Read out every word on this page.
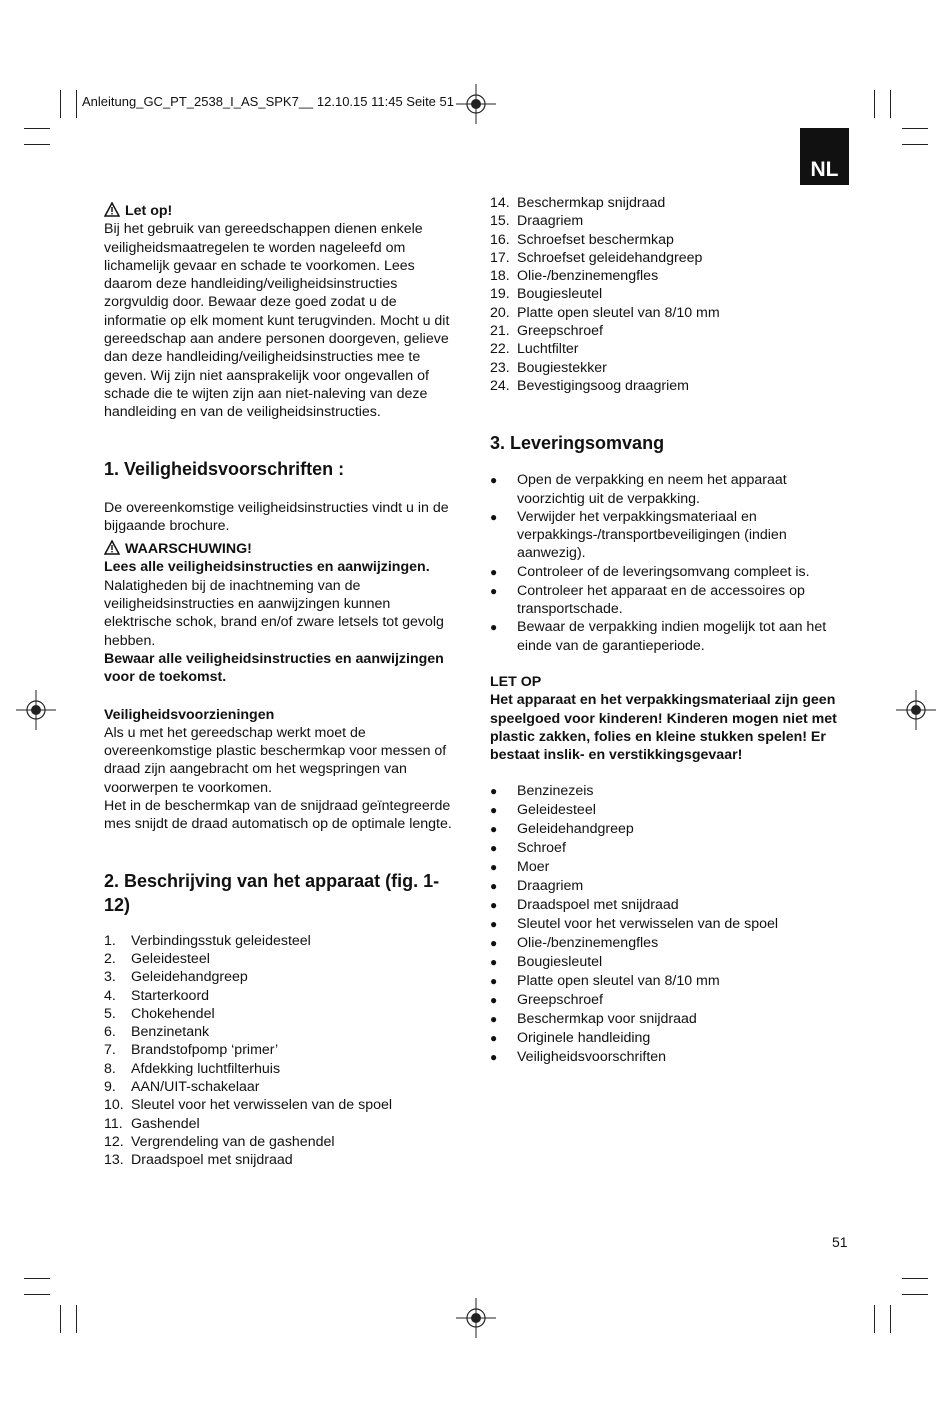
Anleitung_GC_PT_2538_I_AS_SPK7__ 12.10.15 11:45 Seite 51
NL

Let op!

Bij het gebruik van gereedschappen dienen enkele veiligheidsmaatregelen te worden nageleefd om lichamelijk gevaar en schade te voorkomen. Lees daarom deze handleiding/veiligheidsinstructies zorgvuldig door. Bewaar deze goed zodat u de informatie op elk moment kunt terugvinden. Mocht u dit gereedschap aan andere personen doorgeven, gelieve dan deze handleiding/veiligheidsinstructies mee te geven. Wij zijn niet aansprakelijk voor ongevallen of schade die te wijten zijn aan niet-naleving van deze handleiding en van de veiligheidsinstructies.

1. Veiligheidsvoorschriften :

De overeenkomstige veiligheidsinstructies vindt u in de bijgaande brochure.

WAARSCHUWING!

Lees alle veiligheidsinstructies en aanwijzingen.

Nalatigheden bij de inachtneming van de veiligheidsinstructies en aanwijzingen kunnen elektrische schok, brand en/of zware letsels tot gevolg hebben.

Bewaar alle veiligheidsinstructies en aanwijzingen voor de toekomst.

Veiligheidsvoorzieningen

Als u met het gereedschap werkt moet de overeenkomstige plastic beschermkap voor messen of draad zijn aangebracht om het wegspringen van voorwerpen te voorkomen.

Het in de beschermkap van de snijdraad geïntegreerde mes snijdt de draad automatisch op de optimale lengte.

2. Beschrijving van het apparaat (fig. 1-12)

1.	Verbindingsstuk geleidesteel
2.	Geleidesteel
3.	Geleidehandgreep
4.	Starterkoord
5.	Chokehendel
6.	Benzinetank
7.	Brandstofpomp ‘primer’
8.	Afdekking luchtfilterhuis
9.	AAN/UIT-schakelaar
10. Sleutel voor het verwisselen van de spoel
11. Gashendel
12. Vergrendeling van de gashendel
13. Draadspoel met snijdraad
14. Beschermkap snijdraad
15. Draagriem
16. Schroefset beschermkap
17. Schroefset geleidehandgreep
18. Olie-/benzinemengfles
19. Bougiesleutel
20. Platte open sleutel van 8/10 mm
21. Greepschroef
22. Luchtfilter
23. Bougiestekker
24. Bevestigingsoog draagriem

3. Leveringsomvang

●	Open de verpakking en neem het apparaat voorzichtig uit de verpakking.
●	Verwijder het verpakkingsmateriaal en verpakkings-/transportbeveiligingen (indien aanwezig).
●	Controleer of de leveringsomvang compleet is.
●	Controleer het apparaat en de accessoires op transportschade.
●	Bewaar de verpakking indien mogelijk tot aan het einde van de garantieperiode.

LET OP

Het apparaat en het verpakkingsmateriaal zijn geen speelgoed voor kinderen! Kinderen mogen niet met plastic zakken, folies en kleine stukken spelen! Er bestaat inslik- en verstikkingsgevaar!

●	Benzinezeis
●	Geleidesteel
●	Geleidehandgreep
●	Schroef
●	Moer
●	Draagriem
●	Draadspoel met snijdraad
●	Sleutel voor het verwisselen van de spoel
●	Olie-/benzinemengfles
●	Bougiesleutel
●	Platte open sleutel van 8/10 mm
●	Greepschroef
●	Beschermkap voor snijdraad
●	Originele handleiding
●	Veiligheidsvoorschriften
51
